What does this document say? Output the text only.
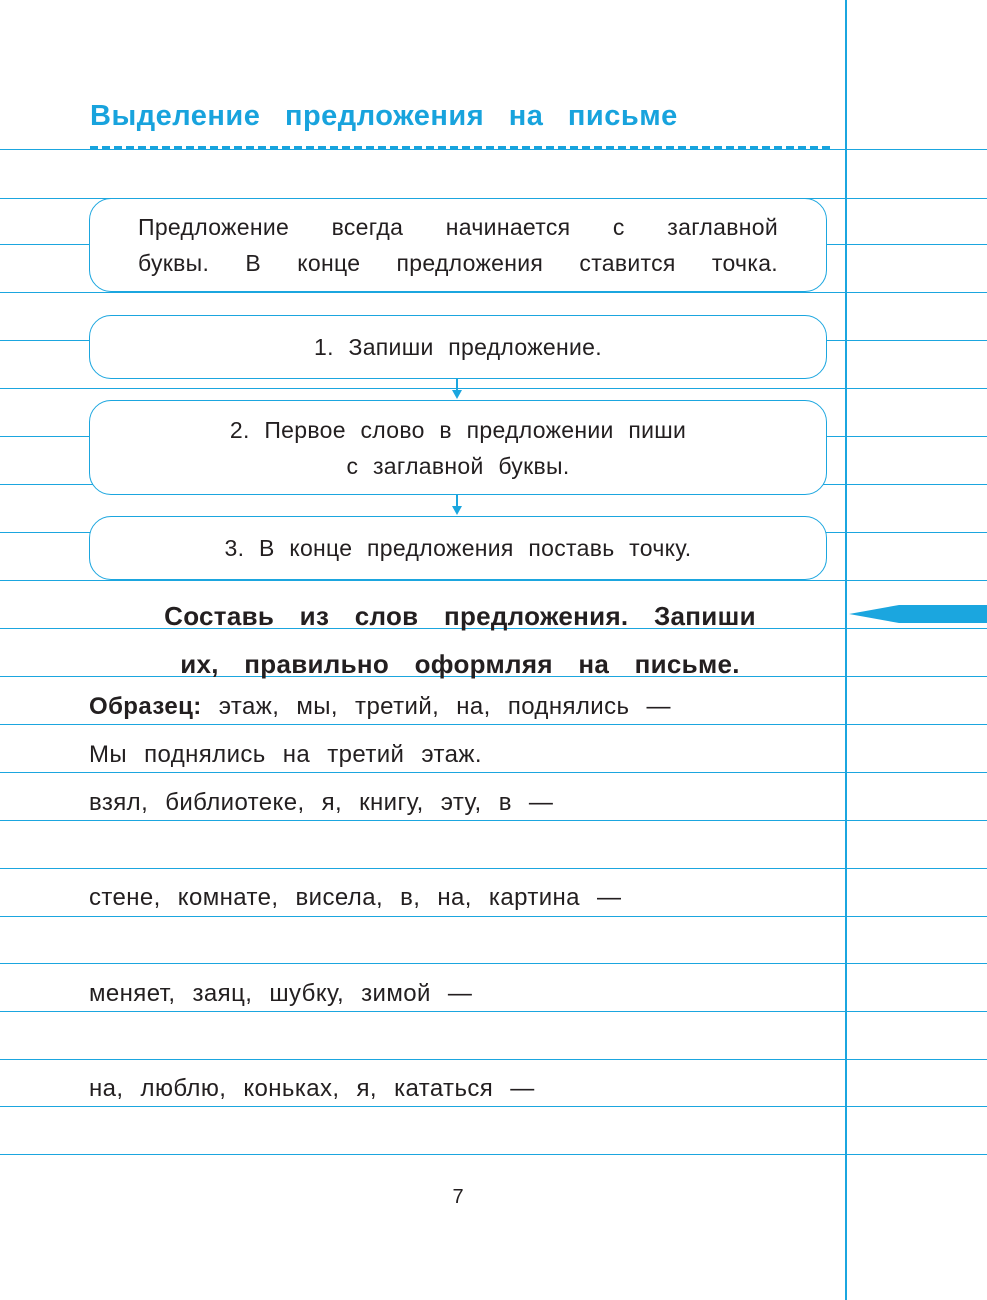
Выделение предложения на письме
Предложение всегда начинается с заглавной
буквы. В конце предложения ставится точка.
1. Запиши предложение.
2. Первое слово в предложении пиши
с заглавной буквы.
3. В конце предложения поставь точку.
Составь из слов предложения. Запиши
их, правильно оформляя на письме.
Образец: этаж, мы, третий, на, поднялись —
Мы поднялись на третий этаж.
взял, библиотеке, я, книгу, эту, в —
стене, комнате, висела, в, на, картина —
меняет, заяц, шубку, зимой —
на, люблю, коньках, я, кататься —
7
